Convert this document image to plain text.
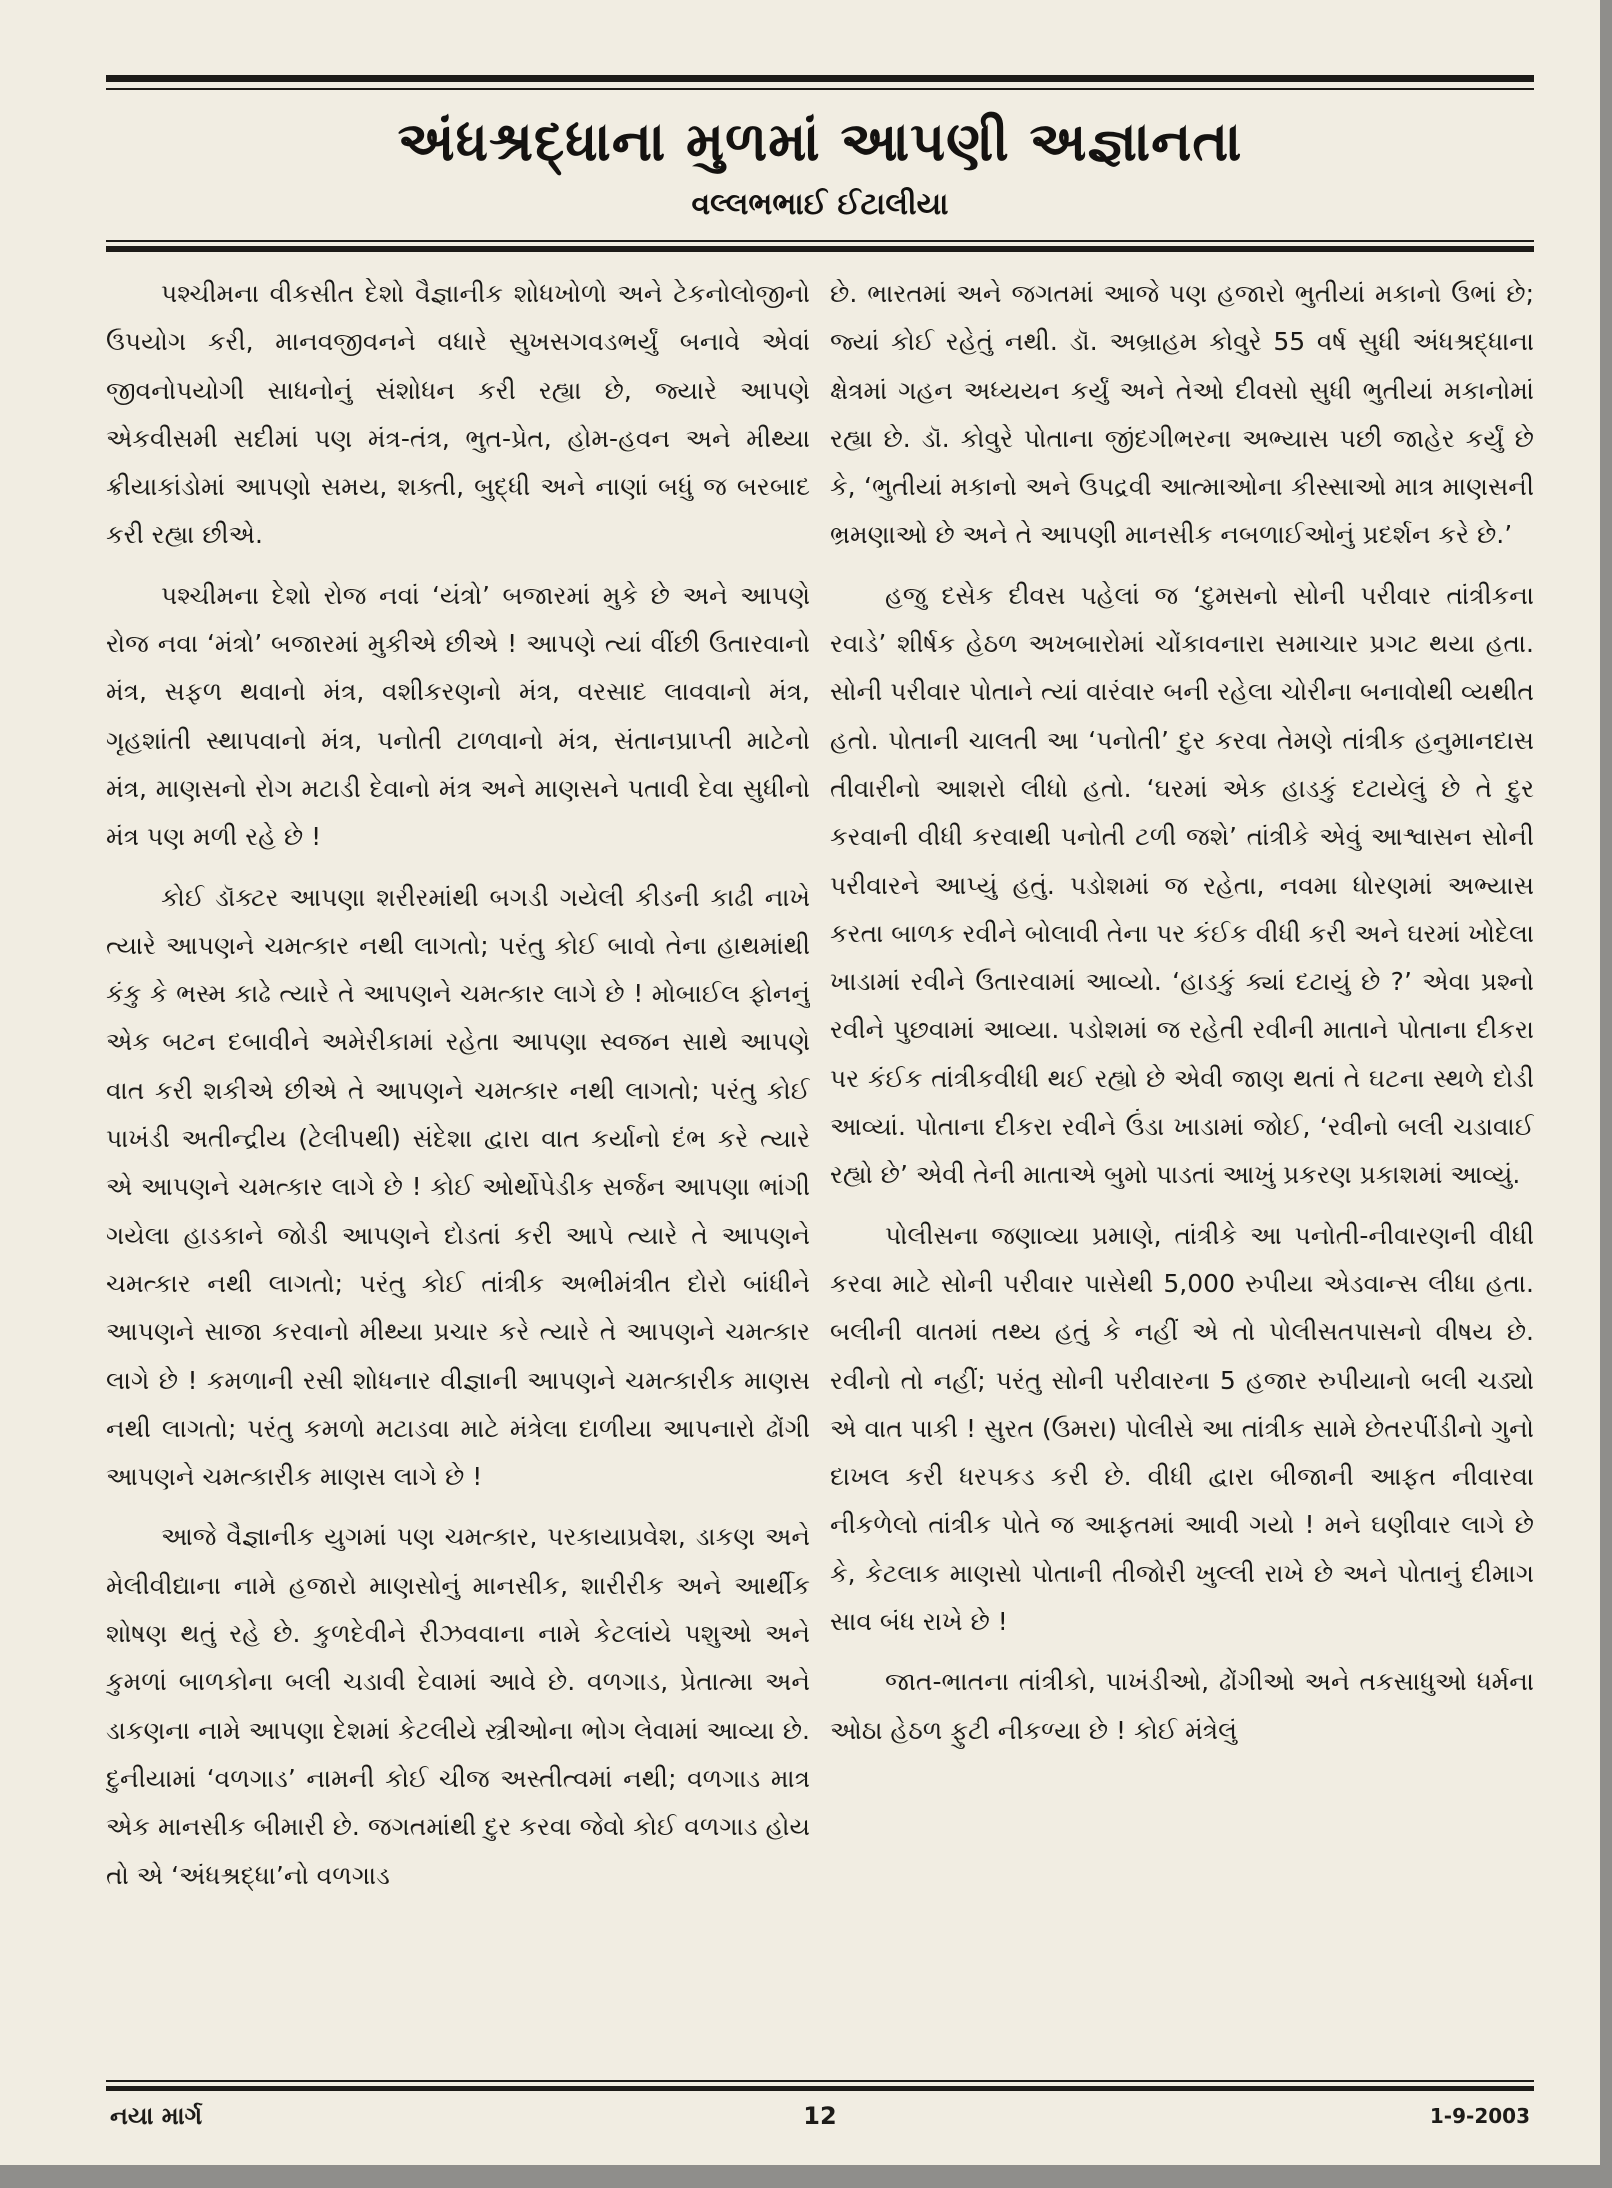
અંધશ્રદ્ધાના મુળમાં આપણી અજ્ઞાનતા
વલ્લભભાઈ ઈટાલીયા

પશ્ચીમના વીકસીત દેશો વૈજ્ઞાનીક શોધખોળો અને ટેકનોલોજીનો ઉપયોગ કરી, માનવજીવનને વધારે સુખસગવડભર્યું બનાવે એવાં જીવનોપયોગી સાધનોનું સંશોધન કરી રહ્યા છે, જ્યારે આપણે એકવીસમી સદીમાં પણ મંત્ર-તંત્ર, ભુત-પ્રેત, હોમ-હવન અને મીથ્યા ક્રીયાકાંડોમાં આપણો સમય, શક્તી, બુદ્ધી અને નાણાં બધું જ બરબાદ કરી રહ્યા છીએ.

પશ્ચીમના દેશો રોજ નવાં ‘યંત્રો’ બજારમાં મુકે છે અને આપણે રોજ નવા ‘મંત્રો’ બજારમાં મુકીએ છીએ ! આપણે ત્યાં વીંછી ઉતારવાનો મંત્ર, સફળ થવાનો મંત્ર, વશીકરણનો મંત્ર, વરસાદ લાવવાનો મંત્ર, ગૃહશાંતી સ્થાપવાનો મંત્ર, પનોતી ટાળવાનો મંત્ર, સંતાનપ્રાપ્તી માટેનો મંત્ર, માણસનો રોગ મટાડી દેવાનો મંત્ર અને માણસને પતાવી દેવા સુધીનો મંત્ર પણ મળી રહે છે !

કોઈ ડૉક્ટર આપણા શરીરમાંથી બગડી ગયેલી કીડની કાઢી નાખે ત્યારે આપણને ચમત્કાર નથી લાગતો; પરંતુ કોઈ બાવો તેના હાથમાંથી કંકુ કે ભસ્મ કાઢે ત્યારે તે આપણને ચમત્કાર લાગે છે ! મોબાઈલ ફોનનું એક બટન દબાવીને અમેરીકામાં રહેતા આપણા સ્વજન સાથે આપણે વાત કરી શકીએ છીએ તે આપણને ચમત્કાર નથી લાગતો; પરંતુ કોઈ પાખંડી અતીન્દ્રીય (ટેલીપથી) સંદેશા દ્વારા વાત કર્યાનો દંભ કરે ત્યારે એ આપણને ચમત્કાર લાગે છે ! કોઈ ઓર્થોપેડીક સર્જન આપણા ભાંગી ગયેલા હાડકાને જોડી આપણને દોડતાં કરી આપે ત્યારે તે આપણને ચમત્કાર નથી લાગતો; પરંતુ કોઈ તાંત્રીક અભીમંત્રીત દોરો બાંધીને આપણને સાજા કરવાનો મીથ્યા પ્રચાર કરે ત્યારે તે આપણને ચમત્કાર લાગે છે ! કમળાની રસી શોધનાર વીજ્ઞાની આપણને ચમત્કારીક માણસ નથી લાગતો; પરંતુ કમળો મટાડવા માટે મંત્રેલા દાળીયા આપનારો ઢોંગી આપણને ચમત્કારીક માણસ લાગે છે !

આજે વૈજ્ઞાનીક યુગમાં પણ ચમત્કાર, પરકાયાપ્રવેશ, ડાકણ અને મેલીવીદ્યાના નામે હજારો માણસોનું માનસીક, શારીરીક અને આર્થીક શોષણ થતું રહે છે. કુળદેવીને રીઝવવાના નામે કેટલાંયે પશુઓ અને કુમળાં બાળકોના બલી ચડાવી દેવામાં આવે છે. વળગાડ, પ્રેતાત્મા અને ડાકણના નામે આપણા દેશમાં કેટલીયે સ્ત્રીઓના ભોગ લેવામાં આવ્યા છે. દુનીયામાં ‘વળગાડ’ નામની કોઈ ચીજ અસ્તીત્વમાં નથી; વળગાડ માત્ર એક માનસીક બીમારી છે. જગતમાંથી દુર કરવા જેવો કોઈ વળગાડ હોય તો એ ‘અંધશ્રદ્ધા’નો વળગાડ

છે. ભારતમાં અને જગતમાં આજે પણ હજારો ભુતીયાં મકાનો ઉભાં છે; જ્યાં કોઈ રહેતું નથી. ડૉ. અબ્રાહમ કોવુરે 55 વર્ષ સુધી અંધશ્રદ્ધાના ક્ષેત્રમાં ગહન અધ્યયન કર્યું અને તેઓ દીવસો સુધી ભુતીયાં મકાનોમાં રહ્યા છે. ડૉ. કોવુરે પોતાના જીંદગીભરના અભ્યાસ પછી જાહેર કર્યું છે કે, ‘ભુતીયાં મકાનો અને ઉપદ્રવી આત્માઓના કીસ્સાઓ માત્ર માણસની ભ્રમણાઓ છે અને તે આપણી માનસીક નબળાઈઓનું પ્રદર્શન કરે છે.’

હજુ દસેક દીવસ પહેલાં જ ‘દુમસનો સોની પરીવાર તાંત્રીકના રવાડે’ શીર્ષક હેઠળ અખબારોમાં ચોંકાવનારા સમાચાર પ્રગટ થયા હતા. સોની પરીવાર પોતાને ત્યાં વારંવાર બની રહેલા ચોરીના બનાવોથી વ્યથીત હતો. પોતાની ચાલતી આ ‘પનોતી’ દુર કરવા તેમણે તાંત્રીક હનુમાનદાસ તીવારીનો આશરો લીધો હતો. ‘ઘરમાં એક હાડકું દટાયેલું છે તે દુર કરવાની વીધી કરવાથી પનોતી ટળી જશે’ તાંત્રીકે એવું આશ્વાસન સોની પરીવારને આપ્યું હતું. પડોશમાં જ રહેતા, નવમા ધોરણમાં અભ્યાસ કરતા બાળક રવીને બોલાવી તેના પર કંઈક વીધી કરી અને ઘરમાં ખોદેલા ખાડામાં રવીને ઉતારવામાં આવ્યો. ‘હાડકું ક્યાં દટાયું છે ?’ એવા પ્રશ્નો રવીને પુછવામાં આવ્યા. પડોશમાં જ રહેતી રવીની માતાને પોતાના દીકરા પર કંઈક તાંત્રીકવીધી થઈ રહ્યો છે એવી જાણ થતાં તે ઘટના સ્થળે દોડી આવ્યાં. પોતાના દીકરા રવીને ઉંડા ખાડામાં જોઈ, ‘રવીનો બલી ચડાવાઈ રહ્યો છે’ એવી તેની માતાએ બુમો પાડતાં આખું પ્રકરણ પ્રકાશમાં આવ્યું.

પોલીસના જણાવ્યા પ્રમાણે, તાંત્રીકે આ પનોતી-નીવારણની વીધી કરવા માટે સોની પરીવાર પાસેથી 5,000 રુપીયા એડવાન્સ લીધા હતા. બલીની વાતમાં તથ્ય હતું કે નહીં એ તો પોલીસતપાસનો વીષય છે. રવીનો તો નહીં; પરંતુ સોની પરીવારના 5 હજાર રુપીયાનો બલી ચડ્યો એ વાત પાકી ! સુરત (ઉમરા) પોલીસે આ તાંત્રીક સામે છેતરપીંડીનો ગુનો દાખલ કરી ધરપકડ કરી છે. વીધી દ્વારા બીજાની આફત નીવારવા નીકળેલો તાંત્રીક પોતે જ આફતમાં આવી ગયો ! મને ઘણીવાર લાગે છે કે, કેટલાક માણસો પોતાની તીજોરી ખુલ્લી રાખે છે અને પોતાનું દીમાગ સાવ બંધ રાખે છે !

જાત-ભાતના તાંત્રીકો, પાખંડીઓ, ઢોંગીઓ અને તકસાધુઓ ધર્મના ઓઠા હેઠળ ફુટી નીકળ્યા છે ! કોઈ મંત્રેલું

નયા માર્ગ	12	1-9-2003
